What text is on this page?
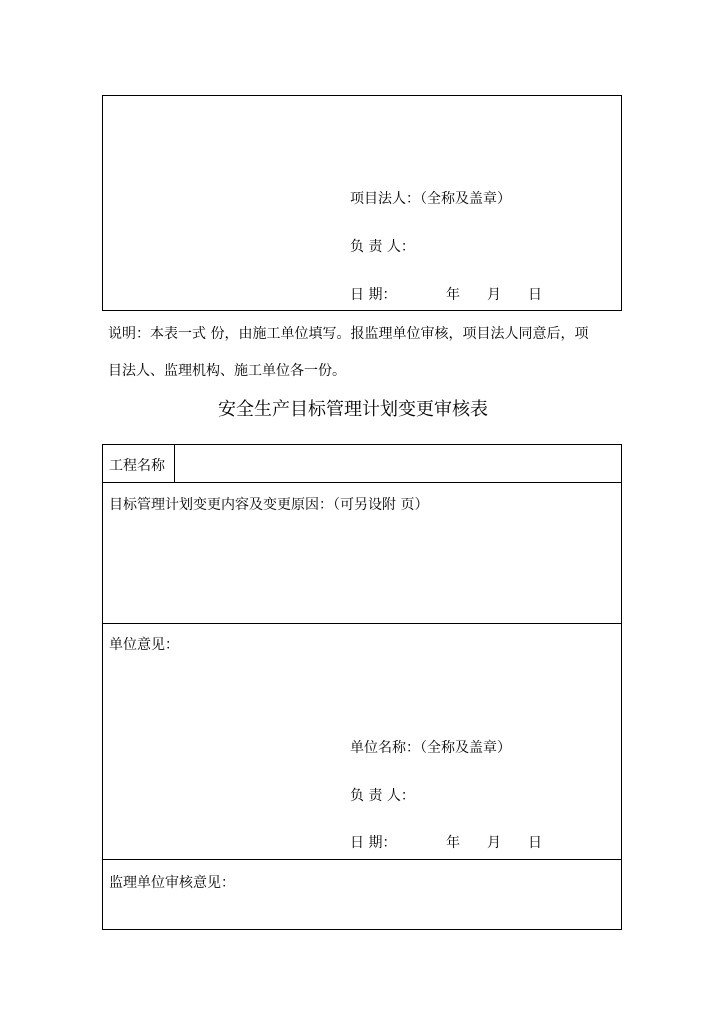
项目法人：（全称及盖章）
负 责 人：
日 期：	年 月 日
说明：本表一式 份，由施工单位填写。报监理单位审核，项目法人同意后，项
目法人、监理机构、施工单位各一份。
安全生产目标管理计划变更审核表
工程名称
目标管理计划变更内容及变更原因：（可另设附 页）
单位意见：
单位名称：（全称及盖章）
负 责 人：
日 期：	年 月 日
监理单位审核意见：
